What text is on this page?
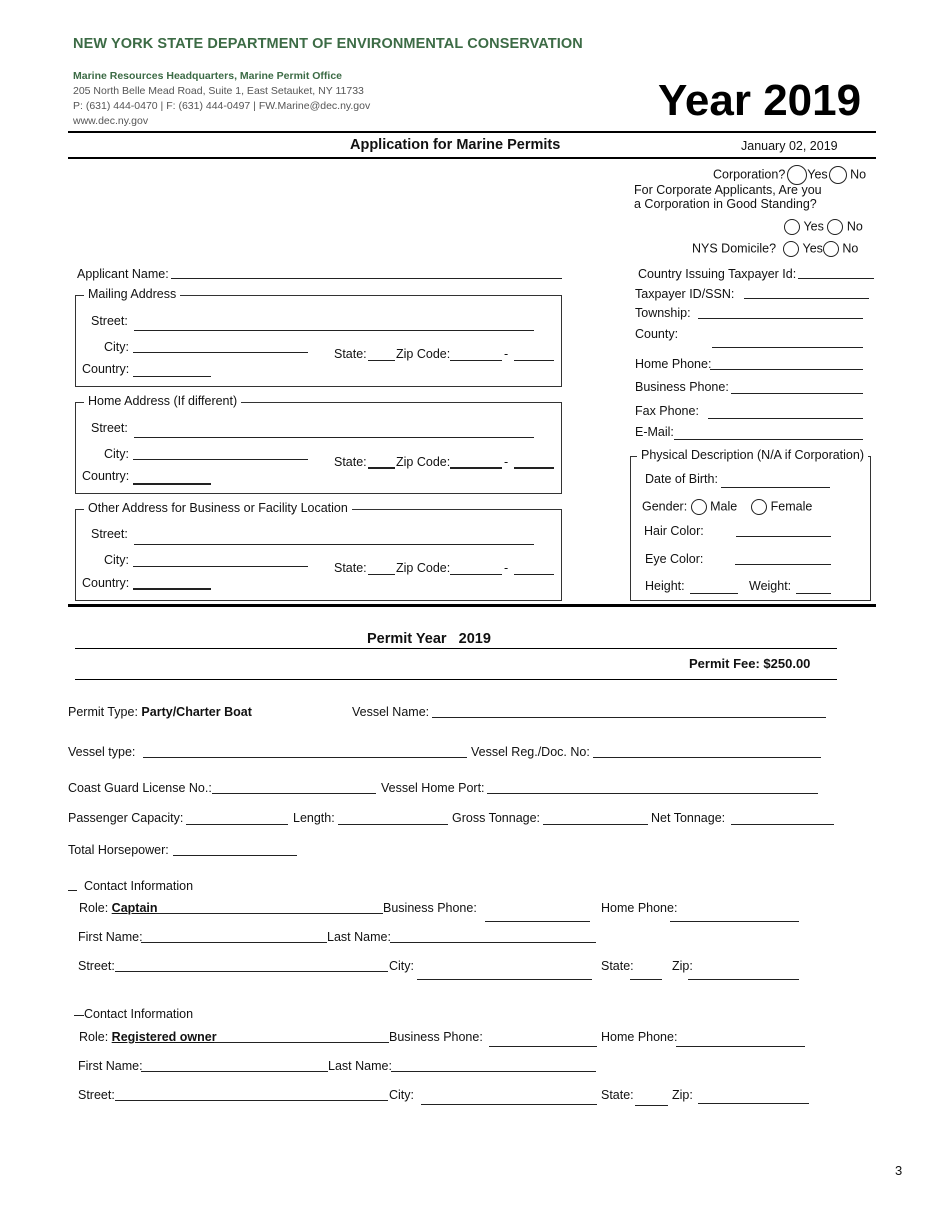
NEW YORK STATE DEPARTMENT OF ENVIRONMENTAL CONSERVATION
Marine Resources Headquarters, Marine Permit Office
205 North Belle Mead Road, Suite 1, East Setauket, NY 11733
P: (631) 444-0470 | F: (631) 444-0497 | FW.Marine@dec.ny.gov
www.dec.ny.gov	Year 2019
Application for Marine Permits	January 02, 2019
Corporation? Yes No
For Corporate Applicants, Are you
a Corporation in Good Standing?
Yes No
NYS Domicile? Yes No
Applicant Name:
Mailing Address
Street:
City:	State: Zip Code:	-
Country:
Home Address (If different)
Street:
City:
State: Zip Code:	-
Country:
Other Address for Business or Facility Location
Street:
City:
State: Zip Code:	-
Country:
Country Issuing Taxpayer Id:
Taxpayer ID/SSN:
Township:
County:
Home Phone:
Business Phone:
Fax Phone:
E-Mail:
Physical Description (N/A if Corporation)
Date of Birth:
Gender: Male	Female
Hair Color:
Eye Color:
Height:	Weight:
Permit Year 2019
Permit Fee: $250.00
Permit Type: Party/Charter Boat	Vessel Name:
Vessel type:	Vessel Reg./Doc. No:
Coast Guard License No.:	Vessel Home Port:
Passenger Capacity:	Length:	Gross Tonnage:	Net Tonnage:
Total Horsepower:
Contact Information
Role: Captain	Business Phone:	Home Phone:
First Name:	Last Name:
Street:	City:	State:	Zip:
Contact Information
Role: Registered owner	Business Phone:	Home Phone:
First Name:	Last Name:
Street:	City:	State:	Zip:
3
